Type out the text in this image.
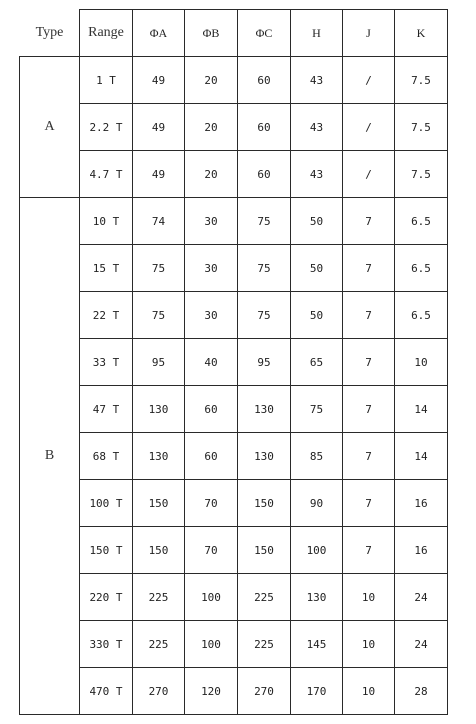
Type	Range	ΦA	ΦB	ΦC	H	J	K
A	1 T	49	20	60	43	/	7.5
	2.2 T	49	20	60	43	/	7.5
	4.7 T	49	20	60	43	/	7.5
B	10 T	74	30	75	50	7	6.5
	15 T	75	30	75	50	7	6.5
	22 T	75	30	75	50	7	6.5
	33 T	95	40	95	65	7	10
	47 T	130	60	130	75	7	14
	68 T	130	60	130	85	7	14
	100 T	150	70	150	90	7	16
	150 T	150	70	150	100	7	16
	220 T	225	100	225	130	10	24
	330 T	225	100	225	145	10	24
	470 T	270	120	270	170	10	28
